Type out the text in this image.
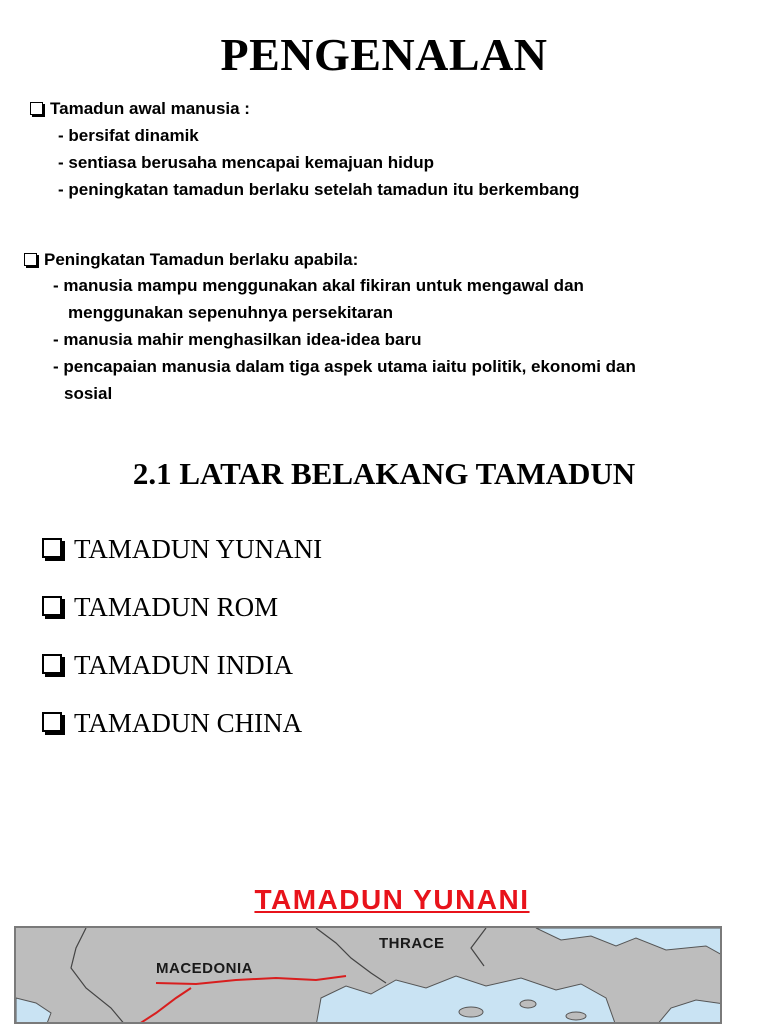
PENGENALAN
Tamadun awal manusia :
- bersifat dinamik
- sentiasa berusaha mencapai kemajuan hidup
- peningkatan tamadun berlaku setelah tamadun itu berkembang
Peningkatan Tamadun berlaku apabila:
- manusia mampu menggunakan akal fikiran untuk mengawal dan
menggunakan sepenuhnya persekitaran
- manusia mahir menghasilkan idea-idea baru
- pencapaian manusia dalam tiga aspek utama iaitu politik, ekonomi dan
sosial
2.1 LATAR BELAKANG TAMADUN
TAMADUN YUNANI
TAMADUN ROM
TAMADUN INDIA
TAMADUN CHINA
TAMADUN YUNANI
MACEDONIA
THRACE
